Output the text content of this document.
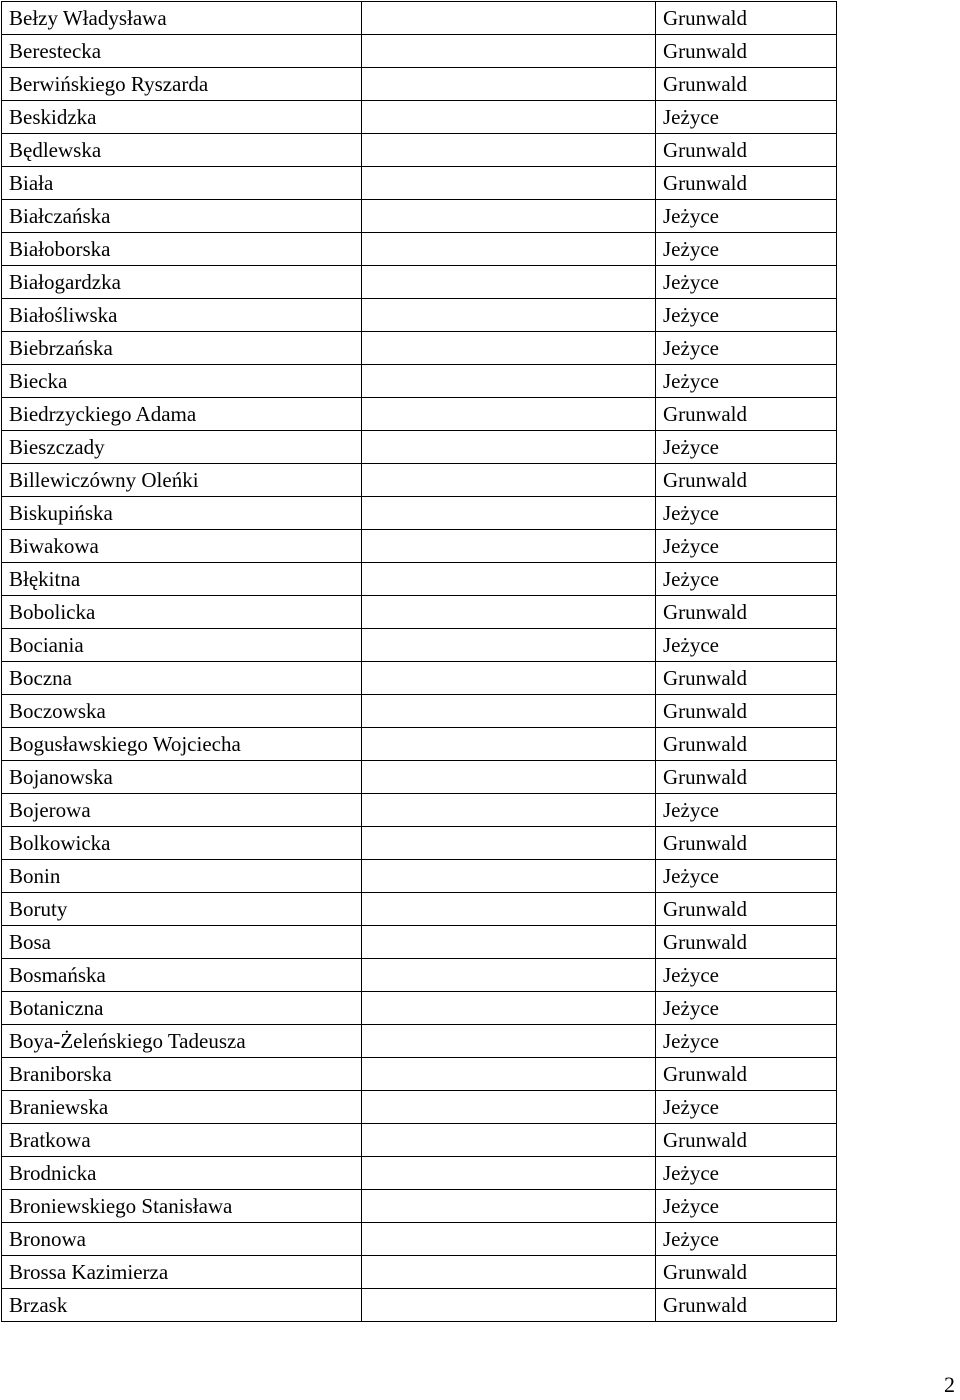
Bełzy Władysława		Grunwald
Berestecka		Grunwald
Berwińskiego Ryszarda		Grunwald
Beskidzka		Jeżyce
Będlewska		Grunwald
Biała		Grunwald
Białczańska		Jeżyce
Białoborska		Jeżyce
Białogardzka		Jeżyce
Białośliwska		Jeżyce
Biebrzańska		Jeżyce
Biecka		Jeżyce
Biedrzyckiego Adama		Grunwald
Bieszczady		Jeżyce
Billewiczówny Oleńki		Grunwald
Biskupińska		Jeżyce
Biwakowa		Jeżyce
Błękitna		Jeżyce
Bobolicka		Grunwald
Bociania		Jeżyce
Boczna		Grunwald
Boczowska		Grunwald
Bogusławskiego Wojciecha		Grunwald
Bojanowska		Grunwald
Bojerowa		Jeżyce
Bolkowicka		Grunwald
Bonin		Jeżyce
Boruty		Grunwald
Bosa		Grunwald
Bosmańska		Jeżyce
Botaniczna		Jeżyce
Boya-Żeleńskiego Tadeusza		Jeżyce
Braniborska		Grunwald
Braniewska		Jeżyce
Bratkowa		Grunwald
Brodnicka		Jeżyce
Broniewskiego Stanisława		Jeżyce
Bronowa		Jeżyce
Brossa Kazimierza		Grunwald
Brzask		Grunwald
2
